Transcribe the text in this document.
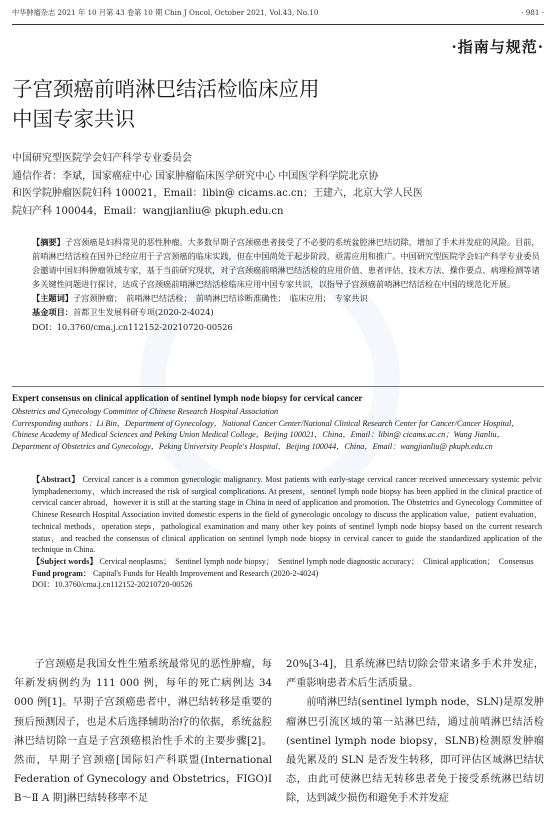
中华肿瘤杂志 2021 年 10 月第 43 卷第 10 期 Chin J Oncol, October 2021, Vol.43, No.10	· 981 ·
·指南与规范·
子宫颈癌前哨淋巴结活检临床应用
中国专家共识
中国研究型医院学会妇产科学专业委员会
通信作者：李斌，国家癌症中心 国家肿瘤临床医学研究中心 中国医学科学院北京协
和医学院肿瘤医院妇科 100021，Email：libin@ cicams.ac.cn；王建六，北京大学人民医
院妇产科 100044，Email：wangjianliu@ pkuph.edu.cn

【摘要】子宫颈癌是妇科常见的恶性肿瘤。大多数早期子宫颈癌患者接受了不必要的系统盆腔淋巴结切除，增加了手术并发症的风险。目前，前哨淋巴结活检在国外已经应用于子宫颈癌的临床实践，但在中国尚处于起步阶段，亟需应用和推广。中国研究型医院学会妇产科学专业委员会邀请中国妇科肿瘤领域专家，基于当前研究现状，对子宫颈癌前哨淋巴结活检的应用价值、患者评估、技术方法、操作要点、病理检测等诸多关键性问题进行探讨，达成子宫颈癌前哨淋巴结活检临床应用中国专家共识，以指导子宫颈癌前哨淋巴结活检在中国的规范化开展。

【主题词】子宫颈肿瘤；　前哨淋巴结活检；　前哨淋巴结诊断准确性；　临床应用；　专家共识

基金项目：首都卫生发展科研专项(2020-2-4024)

DOI：10.3760/cma.j.cn112152-20210720-00526

Expert consensus on clinical application of sentinel lymph node biopsy for cervical cancer
Obstetrics and Gynecology Committee of Chinese Research Hospital Association
Corresponding authors：Li Bin，Department of Gynecology，National Cancer Center/National Clinical Research Center for Cancer/Cancer Hospital，Chinese Academy of Medical Sciences and Peking Union Medical College，Beijing 100021，China，Email：libin@ cicams.ac.cn；Wang Jianliu，Department of Obstetrics and Gynecology，Peking University People's Hospital，Beijing 100044，China，Email：wangjianliu@ pkuph.edu.cn

【Abstract】 Cervical cancer is a common gynecologic malignancy. Most patients with early-stage cervical cancer received unnecessary systemic pelvic lymphadenectomy，which increased the risk of surgical complications. At present，sentinel lymph node biopsy has been applied in the clinical practice of cervical cancer abroad，however it is still at the starting stage in China in need of application and promotion. The Obstetrics and Gynecology Committee of Chinese Research Hospital Association invited domestic experts in the field of gynecologic oncology to discuss the application value，patient evaluation，technical methods，operation steps，pathological examination and many other key points of sentinel lymph node biopsy based on the current research status，and reached the consensus of clinical application on sentinel lymph node biopsy in cervical cancer to guide the standardized application of the technique in China.

【Subject words】 Cervical neoplasms；　Sentinel lymph node biopsy；　Sentinel lymph node diagnostic accuracy；　Clinical application；　Consensus

Fund program： Capital's Funds for Health Improvement and Research (2020-2-4024)

DOI：10.3760/cma.j.cn112152-20210720-00526

子宫颈癌是我国女性生殖系统最常见的恶性肿瘤，每年新发病例约为 111 000 例，每年的死亡病例达 34 000 例[1]。早期子宫颈癌患者中，淋巴结转移是重要的预后预测因子，也是术后选择辅助治疗的依据，系统盆腔淋巴结切除一直是子宫颈癌根治性手术的主要步骤[2]。然而，早期子宫颈癌[国际妇产科联盟(International Federation of Gynecology and Obstetrics，FIGO)Ⅰ B～Ⅱ A 期]淋巴结转移率不足

20%[3-4]，且系统淋巴结切除会带来诸多手术并发症，严重影响患者术后生活质量。

前哨淋巴结(sentinel lymph node，SLN)是原发肿瘤淋巴引流区域的第一站淋巴结，通过前哨淋巴结活检(sentinel lymph node biopsy，SLNB)检测原发肿瘤最先累及的 SLN 是否发生转移，即可评估区域淋巴结状态，由此可使淋巴结无转移患者免于接受系统淋巴结切除，达到减少损伤和避免手术并发症
